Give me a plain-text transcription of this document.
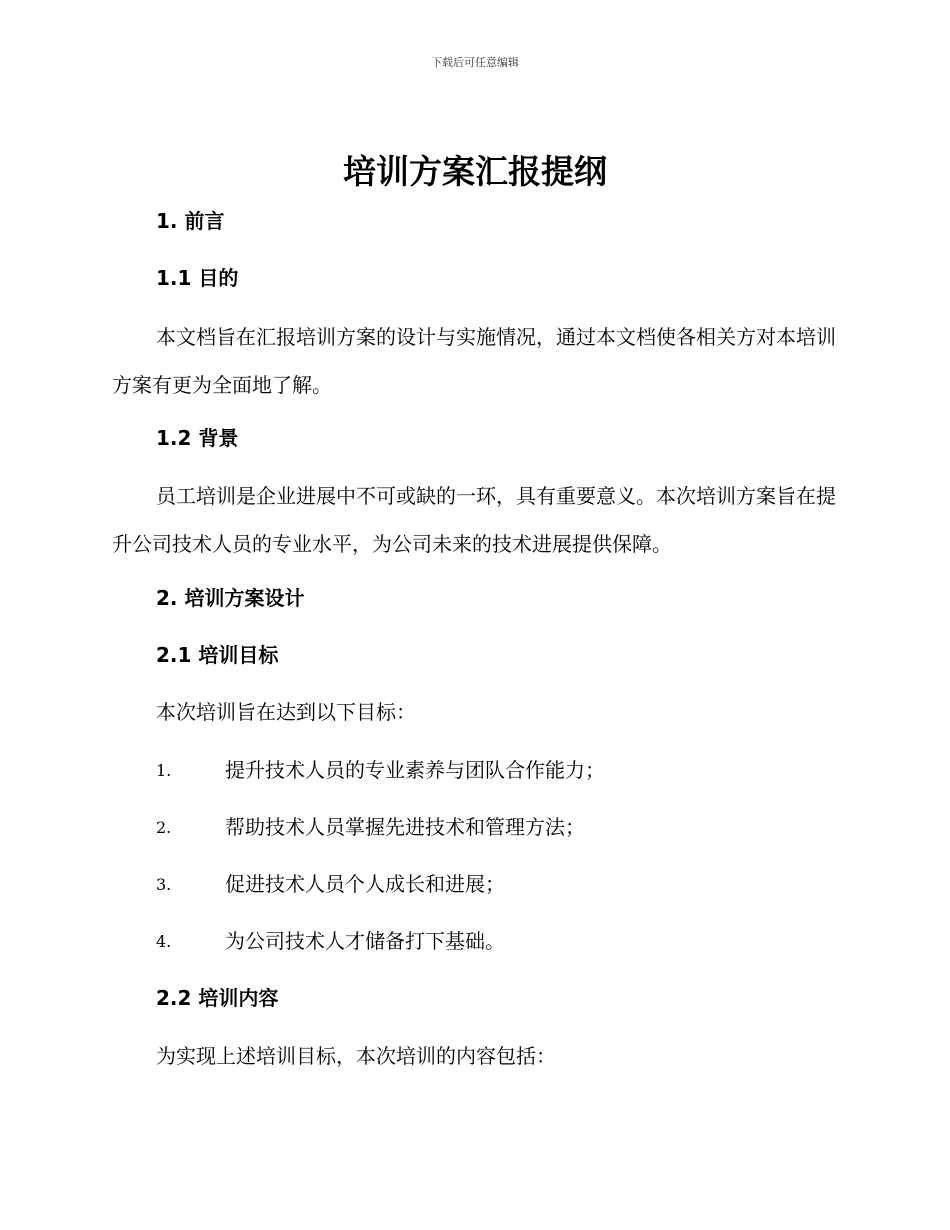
下载后可任意编辑
培训方案汇报提纲
1. 前言
1.1 目的

本文档旨在汇报培训方案的设计与实施情况，通过本文档使各相关方对本培训方案有更为全面地了解。

1.2 背景

员工培训是企业进展中不可或缺的一环，具有重要意义。本次培训方案旨在提升公司技术人员的专业水平，为公司未来的技术进展提供保障。

2. 培训方案设计
2.1 培训目标

本次培训旨在达到以下目标：

1.	提升技术人员的专业素养与团队合作能力；
2.	帮助技术人员掌握先进技术和管理方法；
3.	促进技术人员个人成长和进展；
4.	为公司技术人才储备打下基础。
2.2 培训内容

为实现上述培训目标，本次培训的内容包括：
